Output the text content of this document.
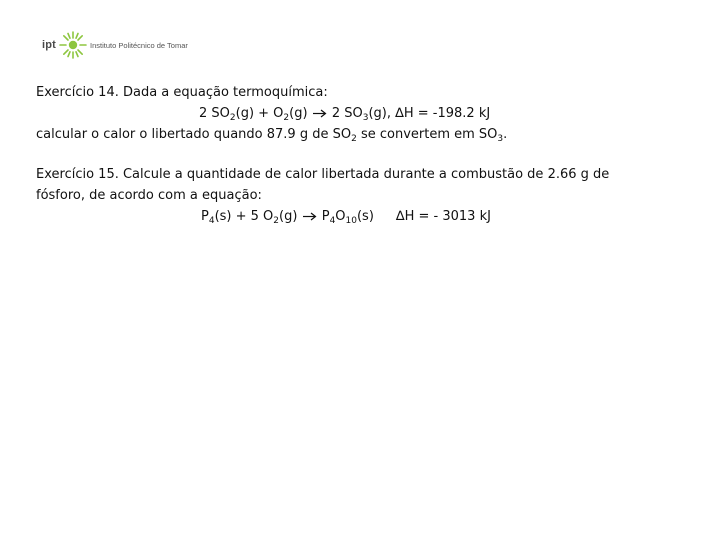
ipt	Instituto Politécnico de Tomar
Exercício 14. Dada a equação termoquímica:
2 $SO_2(g) + O_2(g) \to 2$ $SO_3(g)$, ∆H = -198.2 kJ
calcular o calor o libertado quando 87.9 g de $SO_2$ se convertem em $SO_3$.
Exercício 15. Calcule a quantidade de calor libertada durante a combustão de 2.66 g de
fósforo, de acordo com a equação:
$P_4(s) + 5$ $O_2(g) \to P_4O_{10}(s) \Delta H$ = - 3013 kJ
